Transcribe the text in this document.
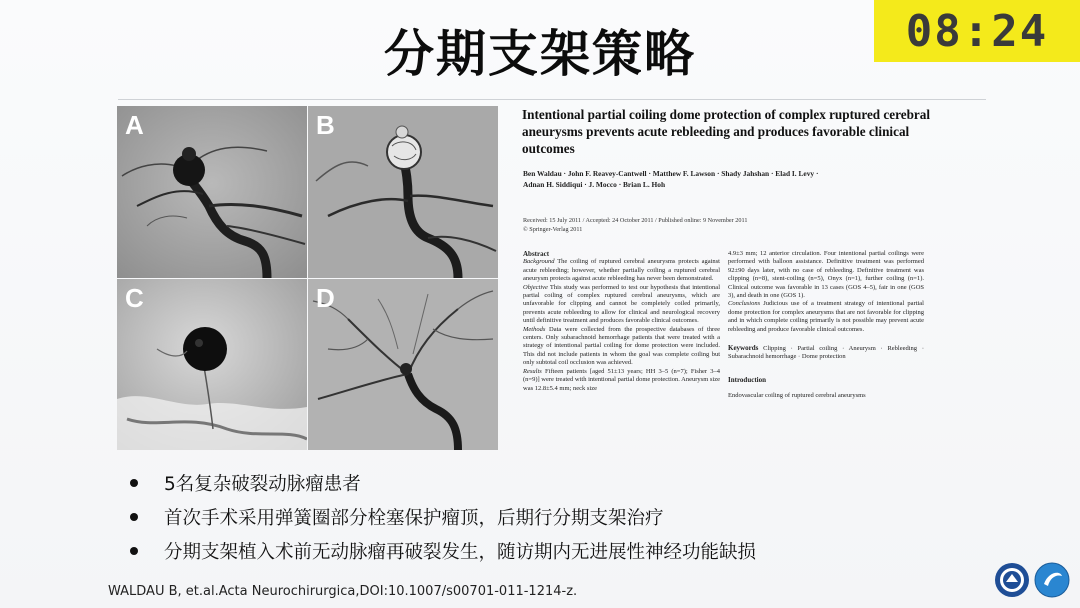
分期支架策略	08:24
A	B
C	D
Intentional partial coiling dome protection of complex ruptured cerebral aneurysms prevents acute rebleeding and produces favorable clinical outcomes
Ben Waldau · John F. Reavey-Cantwell · Matthew F. Lawson · Shady Jahshan · Elad I. Levy · Adnan H. Siddiqui · J. Mocco · Brian L. Hoh
Received: 15 July 2011 / Accepted: 24 October 2011 / Published online: 9 November 2011
© Springer-Verlag 2011
Abstract
Background The coiling of ruptured cerebral aneurysms protects against acute rebleeding; however, whether partially coiling a ruptured cerebral aneurysm protects against acute rebleeding has never been demonstrated.
Objective This study was performed to test our hypothesis that intentional partial coiling of complex ruptured cerebral aneurysms, which are unfavorable for clipping and cannot be completely coiled primarily, prevents acute rebleeding to allow for clinical and neurological recovery until definitive treatment and produces favorable clinical outcomes.
Methods Data were collected from the prospective databases of three centers. Only subarachnoid hemorrhage patients that were treated with a strategy of intentional partial coiling for dome protection were included. This did not include patients in whom the goal was complete coiling but only subtotal coil occlusion was achieved.
Results Fifteen patients [aged 51±13 years; HH 3–5 (n=7); Fisher 3–4 (n=9)] were treated with intentional partial dome protection. Aneurysm size was 12.8±5.4 mm; neck size
4.9±3 mm; 12 anterior circulation. Four intentional partial coilings were performed with balloon assistance. Definitive treatment was performed 92±90 days later, with no case of rebleeding. Definitive treatment was clipping (n=8), stent-coiling (n=5), Onyx (n=1), further coiling (n=1). Clinical outcome was favorable in 13 cases (GOS 4–5), fair in one (GOS 3), and death in one (GOS 1).
Conclusions Judicious use of a treatment strategy of intentional partial dome protection for complex aneurysms that are not favorable for clipping and in which complete coiling primarily is not possible may prevent acute rebleeding and produce favorable clinical outcomes.
Keywords Clipping · Partial coiling · Aneurysm · Rebleeding · Subarachnoid hemorrhage · Dome protection
Introduction
Endovascular coiling of ruptured cerebral aneurysms
5名复杂破裂动脉瘤患者
首次手术采用弹簧圈部分栓塞保护瘤顶，后期行分期支架治疗
分期支架植入术前无动脉瘤再破裂发生，随访期内无进展性神经功能缺损
WALDAU B, et.al.Acta Neurochirurgica,DOI:10.1007/s00701-011-1214-z.
